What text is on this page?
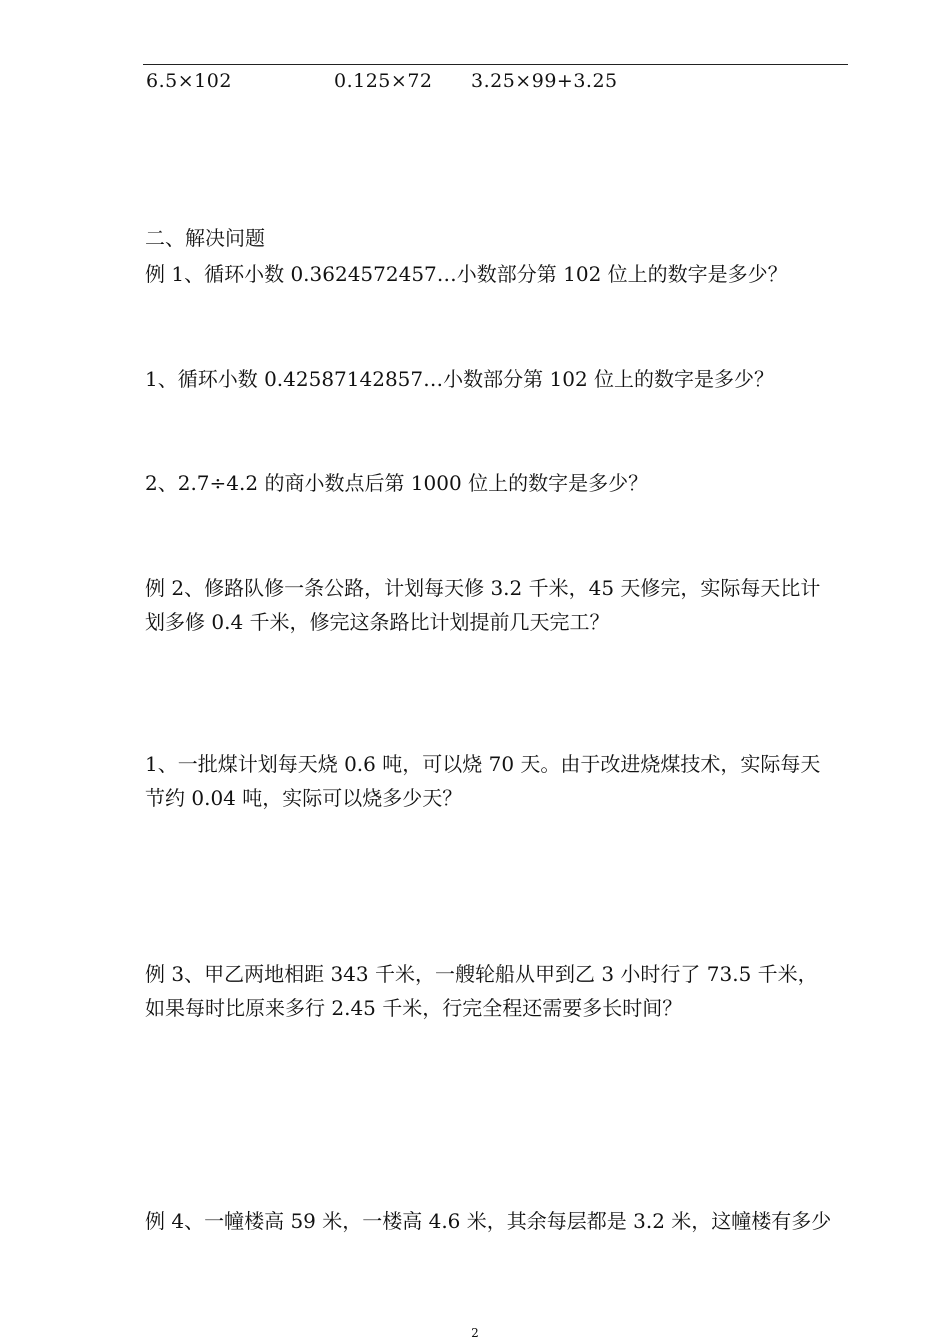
6.5×102	0.125×72 3.25×99+3.25
二、解决问题
例 1、循环小数 0.3624572457…小数部分第 102 位上的数字是多少？
1、循环小数 0.42587142857…小数部分第 102 位上的数字是多少？
2、2.7÷4.2 的商小数点后第 1000 位上的数字是多少？
例 2、修路队修一条公路，计划每天修 3.2 千米，45 天修完，实际每天比计
划多修 0.4 千米，修完这条路比计划提前几天完工？
1、一批煤计划每天烧 0.6 吨，可以烧 70 天。由于改进烧煤技术，实际每天
节约 0.04 吨，实际可以烧多少天？
例 3、甲乙两地相距 343 千米，一艘轮船从甲到乙 3 小时行了 73.5 千米，
如果每时比原来多行 2.45 千米，行完全程还需要多长时间？
例 4、一幢楼高 59 米，一楼高 4.6 米，其余每层都是 3.2 米，这幢楼有多少
2
